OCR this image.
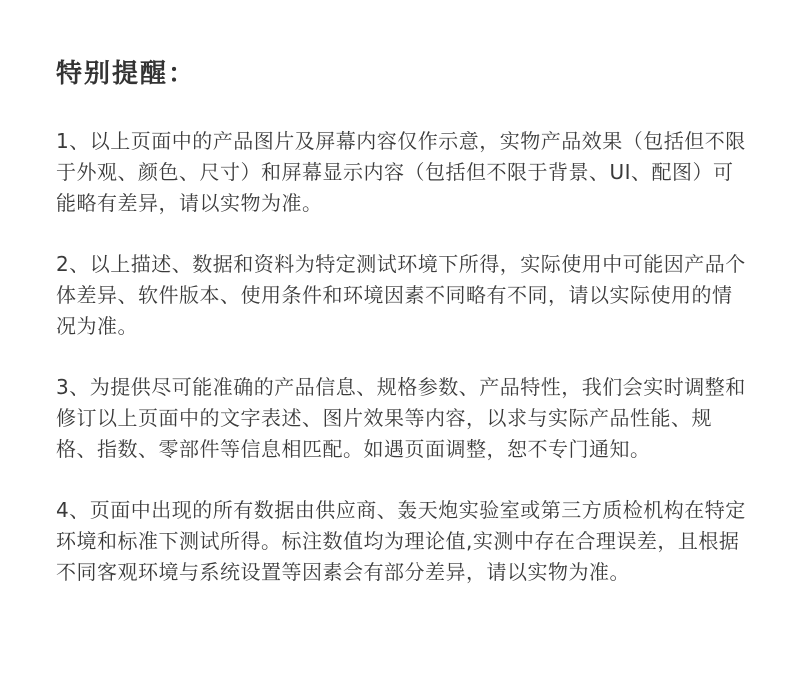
特别提醒：

1、以上页面中的产品图片及屏幕内容仅作示意，实物产品效果（包括但不限于外观、颜色、尺寸）和屏幕显示内容（包括但不限于背景、UI、配图）可能略有差异，请以实物为准。

2、以上描述、数据和资料为特定测试环境下所得，实际使用中可能因产品个体差异、软件版本、使用条件和环境因素不同略有不同，请以实际使用的情况为准。

3、为提供尽可能准确的产品信息、规格参数、产品特性，我们会实时调整和修订以上页面中的文字表述、图片效果等内容，以求与实际产品性能、规格、指数、零部件等信息相匹配。如遇页面调整，恕不专门通知。

4、页面中出现的所有数据由供应商、轰天炮实验室或第三方质检机构在特定环境和标准下测试所得。标注数值均为理论值,实测中存在合理误差，且根据不同客观环境与系统设置等因素会有部分差异，请以实物为准。
